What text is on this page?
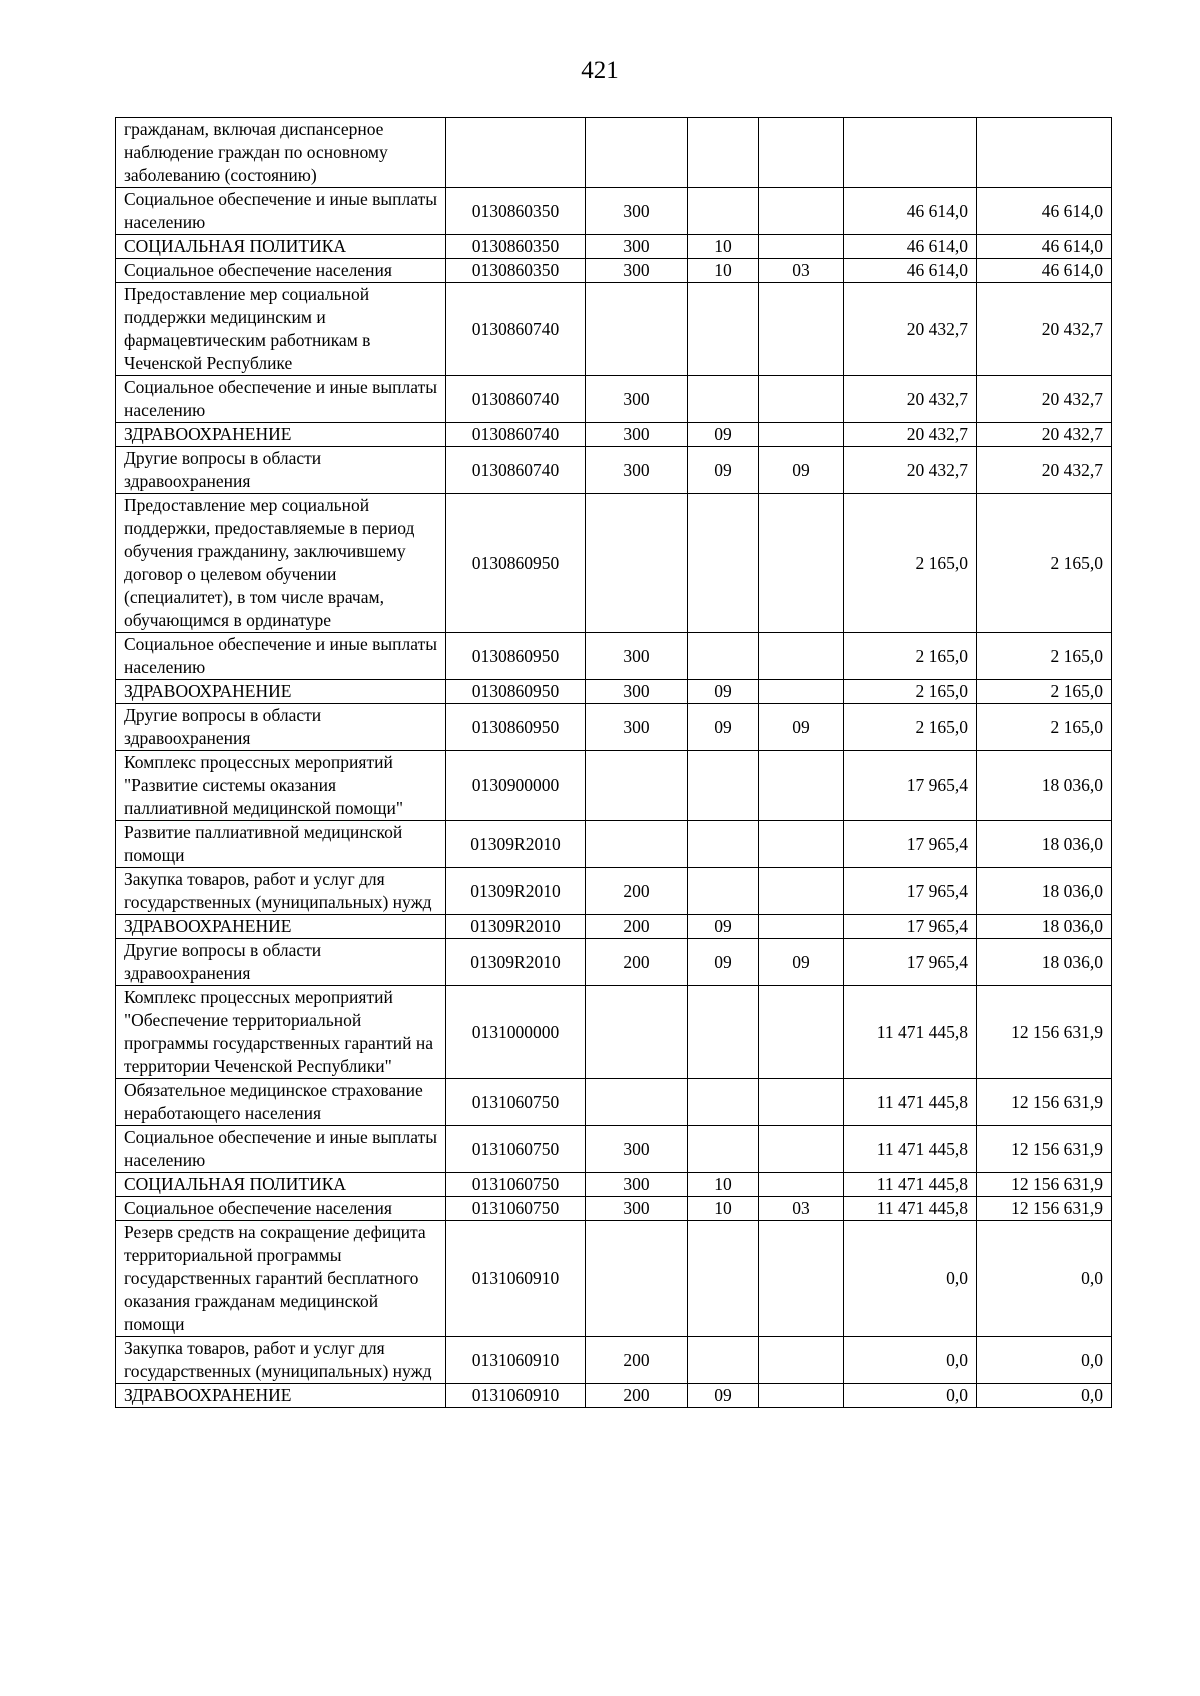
421
гражданам, включая диспансерное наблюдение граждан по основному заболеванию (состоянию)						
Социальное обеспечение и иные выплаты населению	0130860350	300			46 614,0	46 614,0
СОЦИАЛЬНАЯ ПОЛИТИКА	0130860350	300	10		46 614,0	46 614,0
Социальное обеспечение населения	0130860350	300	10	03	46 614,0	46 614,0
Предоставление мер социальной поддержки медицинским и фармацевтическим работникам в Чеченской Республике	0130860740				20 432,7	20 432,7
Социальное обеспечение и иные выплаты населению	0130860740	300			20 432,7	20 432,7
ЗДРАВООХРАНЕНИЕ	0130860740	300	09		20 432,7	20 432,7
Другие вопросы в области здравоохранения	0130860740	300	09	09	20 432,7	20 432,7
Предоставление мер социальной поддержки, предоставляемые в период обучения гражданину, заключившему договор о целевом обучении (специалитет), в том числе врачам, обучающимся в ординатуре	0130860950				2 165,0	2 165,0
Социальное обеспечение и иные выплаты населению	0130860950	300			2 165,0	2 165,0
ЗДРАВООХРАНЕНИЕ	0130860950	300	09		2 165,0	2 165,0
Другие вопросы в области здравоохранения	0130860950	300	09	09	2 165,0	2 165,0
Комплекс процессных мероприятий "Развитие системы оказания паллиативной медицинской помощи"	0130900000				17 965,4	18 036,0
Развитие паллиативной медицинской помощи	01309R2010				17 965,4	18 036,0
Закупка товаров, работ и услуг для государственных (муниципальных) нужд	01309R2010	200			17 965,4	18 036,0
ЗДРАВООХРАНЕНИЕ	01309R2010	200	09		17 965,4	18 036,0
Другие вопросы в области здравоохранения	01309R2010	200	09	09	17 965,4	18 036,0
Комплекс процессных мероприятий "Обеспечение территориальной программы государственных гарантий на территории Чеченской Республики"	0131000000				11 471 445,8	12 156 631,9
Обязательное медицинское страхование неработающего населения	0131060750				11 471 445,8	12 156 631,9
Социальное обеспечение и иные выплаты населению	0131060750	300			11 471 445,8	12 156 631,9
СОЦИАЛЬНАЯ ПОЛИТИКА	0131060750	300	10		11 471 445,8	12 156 631,9
Социальное обеспечение населения	0131060750	300	10	03	11 471 445,8	12 156 631,9
Резерв средств на сокращение дефицита территориальной программы государственных гарантий бесплатного оказания гражданам медицинской помощи	0131060910				0,0	0,0
Закупка товаров, работ и услуг для государственных (муниципальных) нужд	0131060910	200			0,0	0,0
ЗДРАВООХРАНЕНИЕ	0131060910	200	09		0,0	0,0
